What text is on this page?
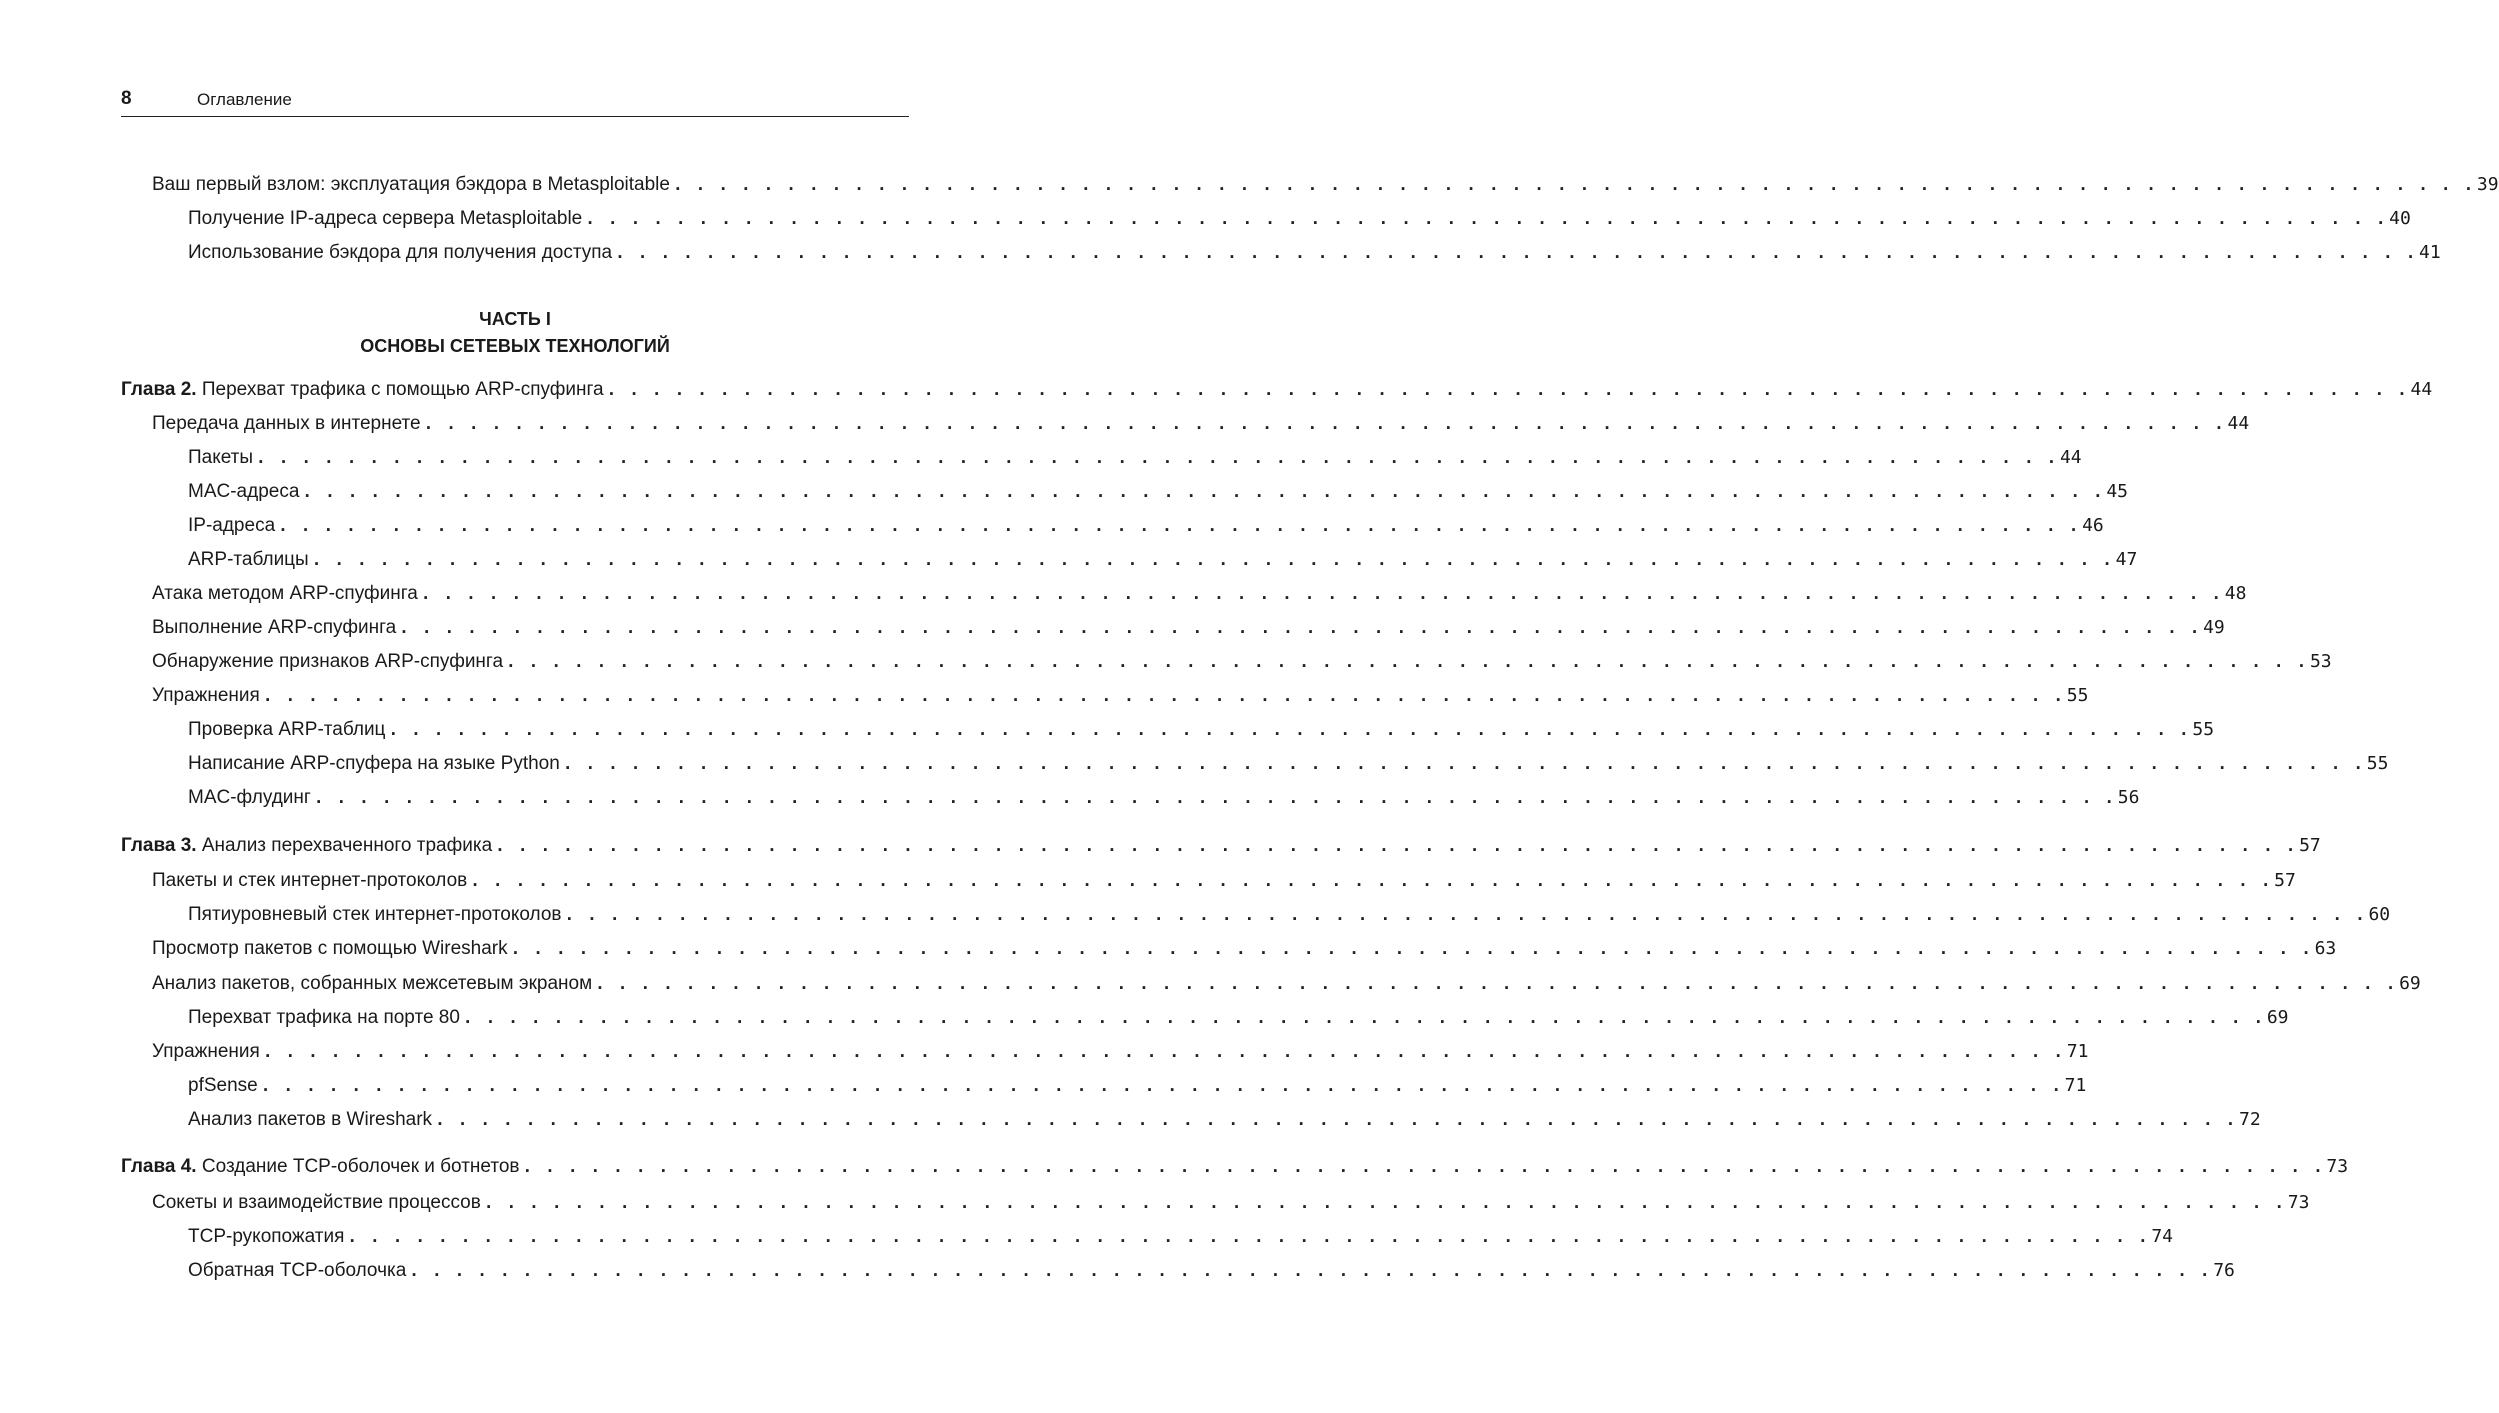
8	Оглавление
ЧАСТЬ I
ОСНОВЫ СЕТЕВЫХ ТЕХНОЛОГИЙ
Ваш первый взлом: эксплуатация бэкдора в Metasploitable . . . . . . . . . . . . . . . . . . . . . . . . . . . . . . . . . . . . . . . . . . . . . . . . . . . . . . . . . . . . . . . . . . . . . . . . . . . . . . . . 39
Получение IP-адреса сервера Metasploitable . . . . . . . . . . . . . . . . . . . . . . . . . . . . . . . . . . . . . . . . . . . . . . . . . . . . . . . . . . . . . . . . . . . . . . . . . . . . . . . . 40
Использование бэкдора для получения доступа . . . . . . . . . . . . . . . . . . . . . . . . . . . . . . . . . . . . . . . . . . . . . . . . . . . . . . . . . . . . . . . . . . . . . . . . . . . . . . . . 41
Глава 2. Перехват трафика с помощью ARP-спуфинга . . . . . . . . . . . . . . . . . . . . . . . . . . . . . . . . . . . . . . . . . . . . . . . . . . . . . . . . . . . . . . . . . . . . . . . . . . . . . . . . 44
Передача данных в интернете . . . . . . . . . . . . . . . . . . . . . . . . . . . . . . . . . . . . . . . . . . . . . . . . . . . . . . . . . . . . . . . . . . . . . . . . . . . . . . . . 44
Пакеты . . . . . . . . . . . . . . . . . . . . . . . . . . . . . . . . . . . . . . . . . . . . . . . . . . . . . . . . . . . . . . . . . . . . . . . . . . . . . . . . 44
MAC-адреса . . . . . . . . . . . . . . . . . . . . . . . . . . . . . . . . . . . . . . . . . . . . . . . . . . . . . . . . . . . . . . . . . . . . . . . . . . . . . . . . 45
IP-адреса . . . . . . . . . . . . . . . . . . . . . . . . . . . . . . . . . . . . . . . . . . . . . . . . . . . . . . . . . . . . . . . . . . . . . . . . . . . . . . . . 46
ARP-таблицы . . . . . . . . . . . . . . . . . . . . . . . . . . . . . . . . . . . . . . . . . . . . . . . . . . . . . . . . . . . . . . . . . . . . . . . . . . . . . . . . 47
Атака методом ARP-спуфинга . . . . . . . . . . . . . . . . . . . . . . . . . . . . . . . . . . . . . . . . . . . . . . . . . . . . . . . . . . . . . . . . . . . . . . . . . . . . . . . . 48
Выполнение ARP-спуфинга . . . . . . . . . . . . . . . . . . . . . . . . . . . . . . . . . . . . . . . . . . . . . . . . . . . . . . . . . . . . . . . . . . . . . . . . . . . . . . . . 49
Обнаружение признаков ARP-спуфинга . . . . . . . . . . . . . . . . . . . . . . . . . . . . . . . . . . . . . . . . . . . . . . . . . . . . . . . . . . . . . . . . . . . . . . . . . . . . . . . . 53
Упражнения . . . . . . . . . . . . . . . . . . . . . . . . . . . . . . . . . . . . . . . . . . . . . . . . . . . . . . . . . . . . . . . . . . . . . . . . . . . . . . . . 55
Проверка ARP-таблиц . . . . . . . . . . . . . . . . . . . . . . . . . . . . . . . . . . . . . . . . . . . . . . . . . . . . . . . . . . . . . . . . . . . . . . . . . . . . . . . . 55
Написание ARP-спуфера на языке Python . . . . . . . . . . . . . . . . . . . . . . . . . . . . . . . . . . . . . . . . . . . . . . . . . . . . . . . . . . . . . . . . . . . . . . . . . . . . . . . . 55
MAC-флудинг . . . . . . . . . . . . . . . . . . . . . . . . . . . . . . . . . . . . . . . . . . . . . . . . . . . . . . . . . . . . . . . . . . . . . . . . . . . . . . . . 56
Глава 3. Анализ перехваченного трафика . . . . . . . . . . . . . . . . . . . . . . . . . . . . . . . . . . . . . . . . . . . . . . . . . . . . . . . . . . . . . . . . . . . . . . . . . . . . . . . . 57
Пакеты и стек интернет-протоколов . . . . . . . . . . . . . . . . . . . . . . . . . . . . . . . . . . . . . . . . . . . . . . . . . . . . . . . . . . . . . . . . . . . . . . . . . . . . . . . . 57
Пятиуровневый стек интернет-протоколов . . . . . . . . . . . . . . . . . . . . . . . . . . . . . . . . . . . . . . . . . . . . . . . . . . . . . . . . . . . . . . . . . . . . . . . . . . . . . . . . 60
Просмотр пакетов с помощью Wireshark . . . . . . . . . . . . . . . . . . . . . . . . . . . . . . . . . . . . . . . . . . . . . . . . . . . . . . . . . . . . . . . . . . . . . . . . . . . . . . . . 63
Анализ пакетов, собранных межсетевым экраном . . . . . . . . . . . . . . . . . . . . . . . . . . . . . . . . . . . . . . . . . . . . . . . . . . . . . . . . . . . . . . . . . . . . . . . . . . . . . . . . 69
Перехват трафика на порте 80 . . . . . . . . . . . . . . . . . . . . . . . . . . . . . . . . . . . . . . . . . . . . . . . . . . . . . . . . . . . . . . . . . . . . . . . . . . . . . . . . 69
Упражнения . . . . . . . . . . . . . . . . . . . . . . . . . . . . . . . . . . . . . . . . . . . . . . . . . . . . . . . . . . . . . . . . . . . . . . . . . . . . . . . . 71
pfSense . . . . . . . . . . . . . . . . . . . . . . . . . . . . . . . . . . . . . . . . . . . . . . . . . . . . . . . . . . . . . . . . . . . . . . . . . . . . . . . . 71
Анализ пакетов в Wireshark . . . . . . . . . . . . . . . . . . . . . . . . . . . . . . . . . . . . . . . . . . . . . . . . . . . . . . . . . . . . . . . . . . . . . . . . . . . . . . . . 72
Глава 4. Создание TCP-оболочек и ботнетов . . . . . . . . . . . . . . . . . . . . . . . . . . . . . . . . . . . . . . . . . . . . . . . . . . . . . . . . . . . . . . . . . . . . . . . . . . . . . . . . 73
Сокеты и взаимодействие процессов . . . . . . . . . . . . . . . . . . . . . . . . . . . . . . . . . . . . . . . . . . . . . . . . . . . . . . . . . . . . . . . . . . . . . . . . . . . . . . . . 73
TCP-рукопожатия . . . . . . . . . . . . . . . . . . . . . . . . . . . . . . . . . . . . . . . . . . . . . . . . . . . . . . . . . . . . . . . . . . . . . . . . . . . . . . . . 74
Обратная TCP-оболочка . . . . . . . . . . . . . . . . . . . . . . . . . . . . . . . . . . . . . . . . . . . . . . . . . . . . . . . . . . . . . . . . . . . . . . . . . . . . . . . . 76
